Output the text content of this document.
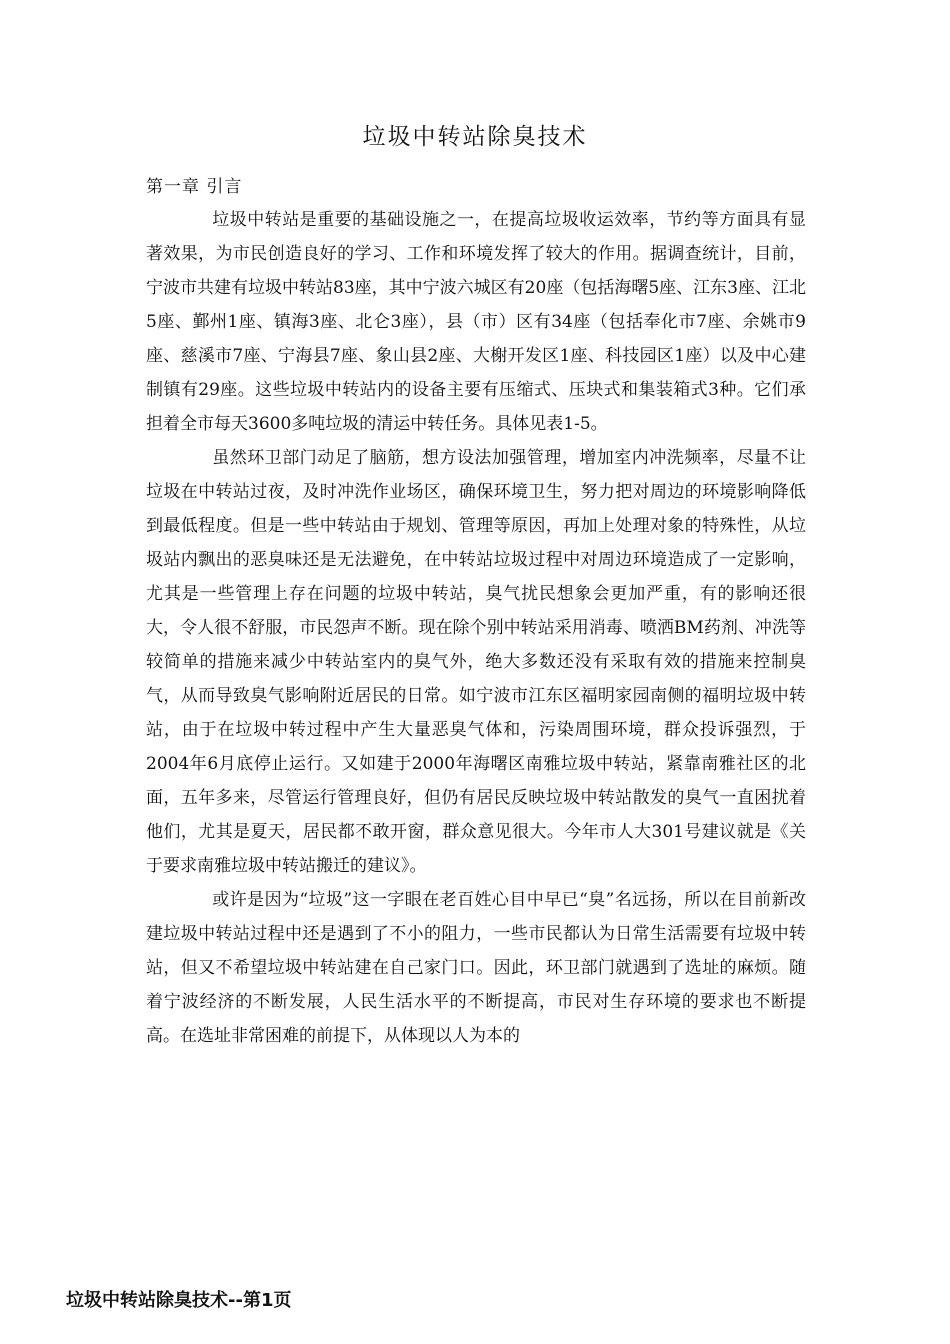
垃圾中转站除臭技术
第一章 引言

垃圾中转站是重要的基础设施之一，在提高垃圾收运效率，节约等方面具有显著效果，为市民创造良好的学习、工作和环境发挥了较大的作用。据调查统计，目前，宁波市共建有垃圾中转站83座，其中宁波六城区有20座（包括海曙5座、江东3座、江北5座、鄞州1座、镇海3座、北仑3座），县（市）区有34座（包括奉化市7座、余姚市9座、慈溪市7座、宁海县7座、象山县2座、大榭开发区1座、科技园区1座）以及中心建制镇有29座。这些垃圾中转站内的设备主要有压缩式、压块式和集装箱式3种。它们承担着全市每天3600多吨垃圾的清运中转任务。具体见表1-5。

虽然环卫部门动足了脑筋，想方设法加强管理，增加室内冲洗频率，尽量不让垃圾在中转站过夜，及时冲洗作业场区，确保环境卫生，努力把对周边的环境影响降低到最低程度。但是一些中转站由于规划、管理等原因，再加上处理对象的特殊性，从垃圾站内飘出的恶臭味还是无法避免，在中转站垃圾过程中对周边环境造成了一定影响，尤其是一些管理上存在问题的垃圾中转站，臭气扰民想象会更加严重，有的影响还很大，令人很不舒服，市民怨声不断。现在除个别中转站采用消毒、喷洒BM药剂、冲洗等较简单的措施来减少中转站室内的臭气外，绝大多数还没有采取有效的措施来控制臭气，从而导致臭气影响附近居民的日常。如宁波市江东区福明家园南侧的福明垃圾中转站，由于在垃圾中转过程中产生大量恶臭气体和，污染周围环境，群众投诉强烈，于 2004年6月底停止运行。又如建于2000年海曙区南雅垃圾中转站，紧靠南雅社区的北面，五年多来，尽管运行管理良好，但仍有居民反映垃圾中转站散发的臭气一直困扰着他们，尤其是夏天，居民都不敢开窗，群众意见很大。今年市人大301号建议就是《关于要求南雅垃圾中转站搬迁的建议》。

或许是因为“垃圾”这一字眼在老百姓心目中早已“臭”名远扬，所以在目前新改建垃圾中转站过程中还是遇到了不小的阻力，一些市民都认为日常生活需要有垃圾中转站，但又不希望垃圾中转站建在自己家门口。因此，环卫部门就遇到了选址的麻烦。随着宁波经济的不断发展，人民生活水平的不断提高，市民对生存环境的要求也不断提高。在选址非常困难的前提下，从体现以人为本的

垃圾中转站除臭技术--第1页
